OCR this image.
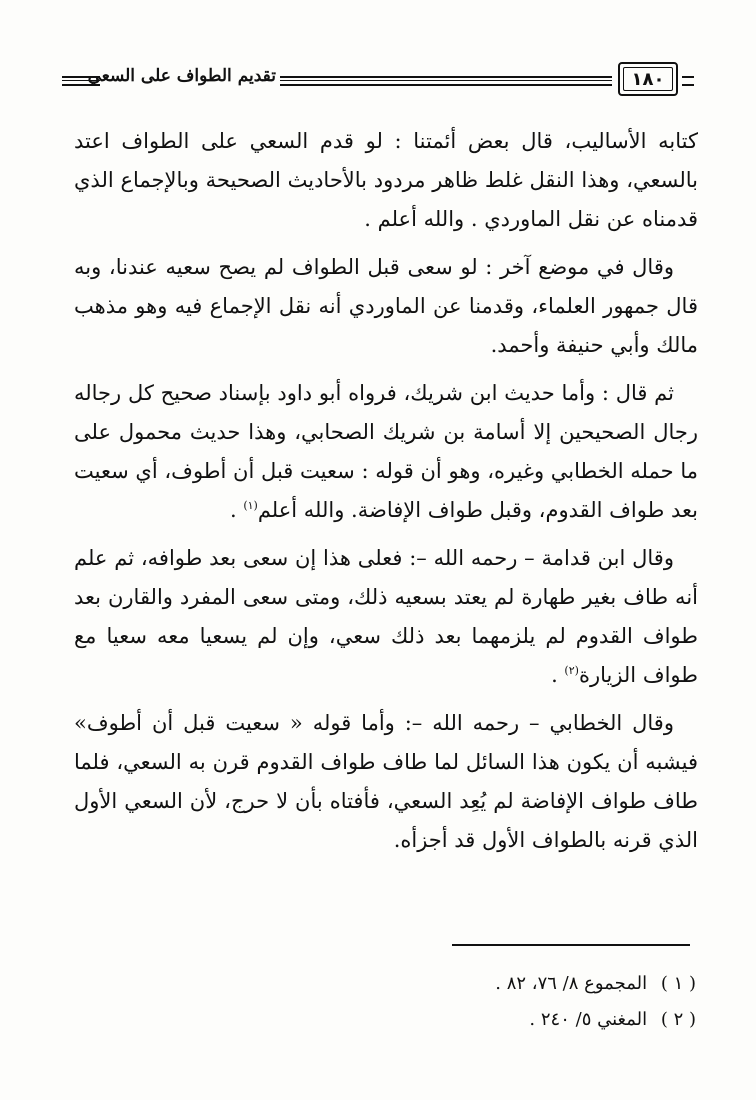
تقديم الطواف على السعي	١٨٠

كتابه الأساليب، قال بعض أئمتنا : لو قدم السعي على الطواف اعتد بالسعي، وهذا النقل غلط ظاهر مردود بالأحاديث الصحيحة وبالإجماع الذي قدمناه عن نقل الماوردي . والله أعلم .

وقال في موضع آخر : لو سعى قبل الطواف لم يصح سعيه عندنا، وبه قال جمهور العلماء، وقدمنا عن الماوردي أنه نقل الإجماع فيه وهو مذهب مالك وأبي حنيفة وأحمد.

ثم قال : وأما حديث ابن شريك، فرواه أبو داود بإسناد صحيح كل رجاله رجال الصحيحين إلا أسامة بن شريك الصحابي، وهذا حديث محمول على ما حمله الخطابي وغيره، وهو أن قوله : سعيت قبل أن أطوف، أي سعيت بعد طواف القدوم، وقبل طواف الإفاضة. والله أعلم$^{(١)}$ .

وقال ابن قدامة – رحمه الله –: فعلى هذا إن سعى بعد طوافه، ثم علم أنه طاف بغير طهارة لم يعتد بسعيه ذلك، ومتى سعى المفرد والقارن بعد طواف القدوم لم يلزمهما بعد ذلك سعي، وإن لم يسعيا معه سعيا مع طواف الزيارة$^{(٢)}$ .

وقال الخطابي – رحمه الله –: وأما قوله « سعيت قبل أن أطوف» فيشبه أن يكون هذا السائل لما طاف طواف القدوم قرن به السعي، فلما طاف طواف الإفاضة لم يُعِد السعي، فأفتاه بأن لا حرج، لأن السعي الأول الذي قرنه بالطواف الأول قد أجزأه.

( ١ ) المجموع ٨/ ٧٦، ٨٢ .
( ٢ ) المغني ٥/ ٢٤٠ .
